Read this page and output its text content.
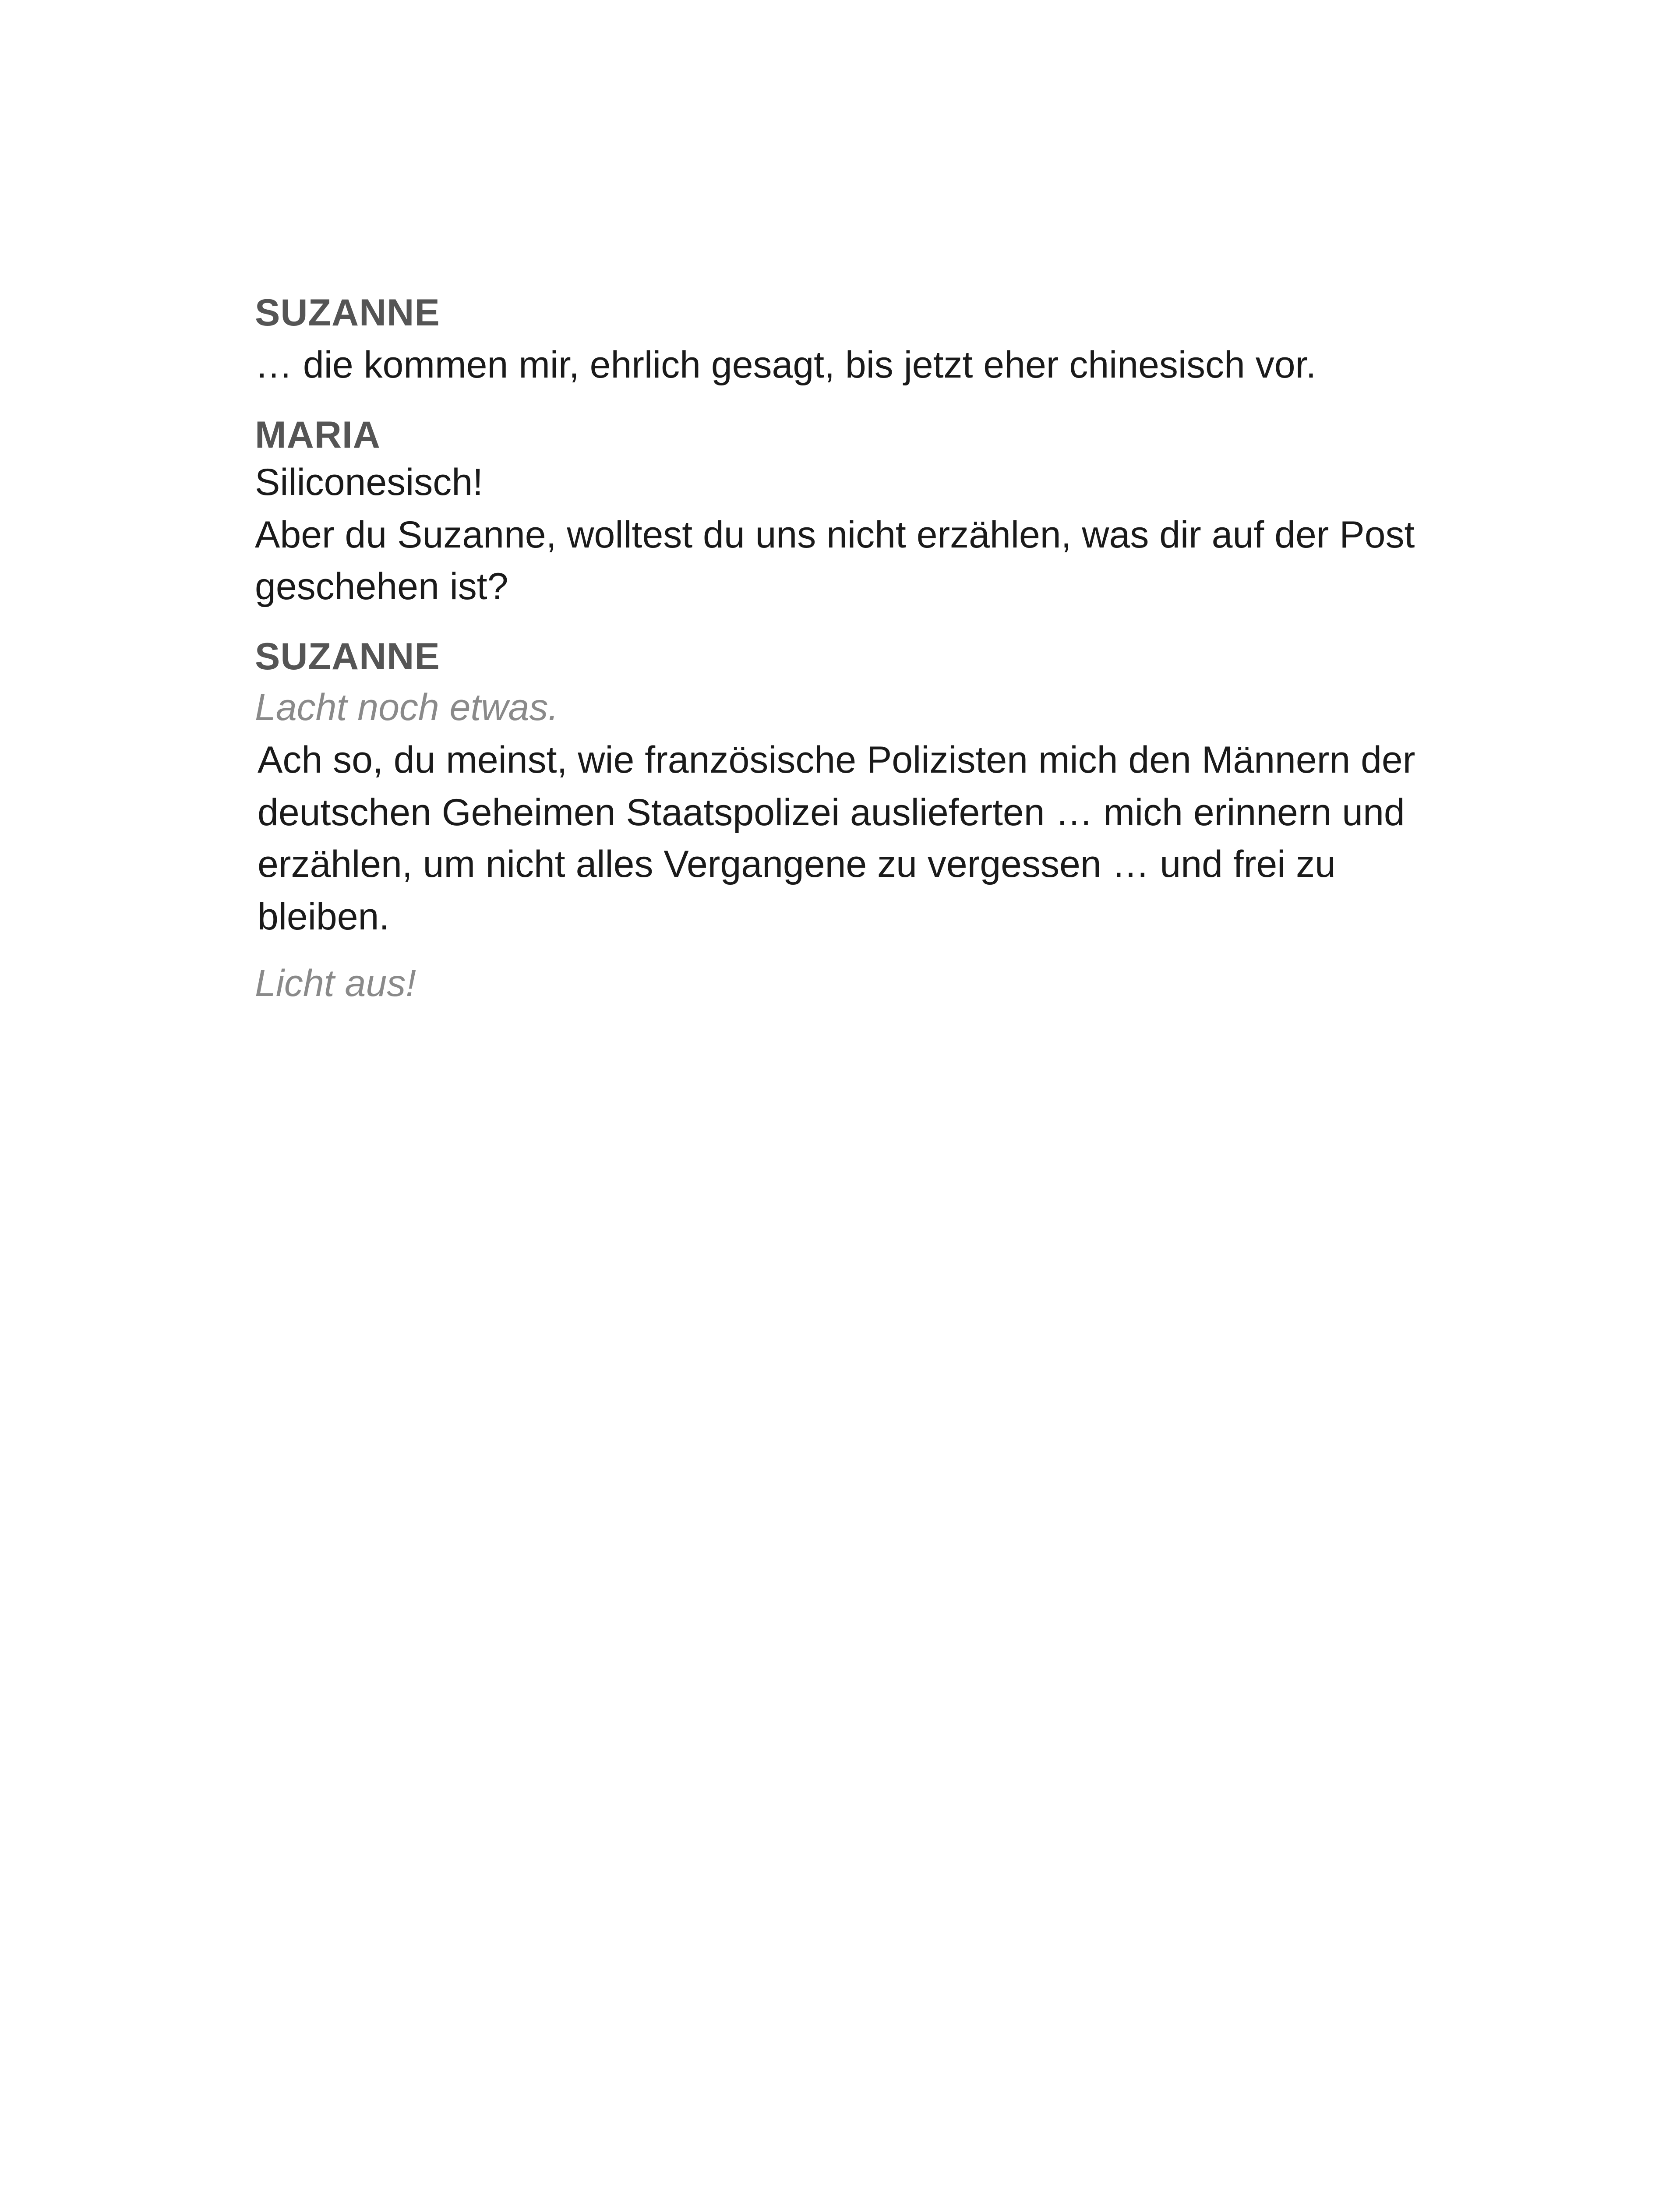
SUZANNE
… die kommen mir, ehrlich gesagt, bis jetzt eher chinesisch vor.
MARIA
Siliconesisch!
Aber du Suzanne, wolltest du uns nicht erzählen, was dir auf der Post
geschehen ist?
SUZANNE
Lacht noch etwas.
Ach so, du meinst, wie französische Polizisten mich den Männern der
deutschen Geheimen Staatspolizei auslieferten … mich erinnern und
erzählen, um nicht alles Vergangene zu vergessen … und frei zu
bleiben.
Licht aus!
